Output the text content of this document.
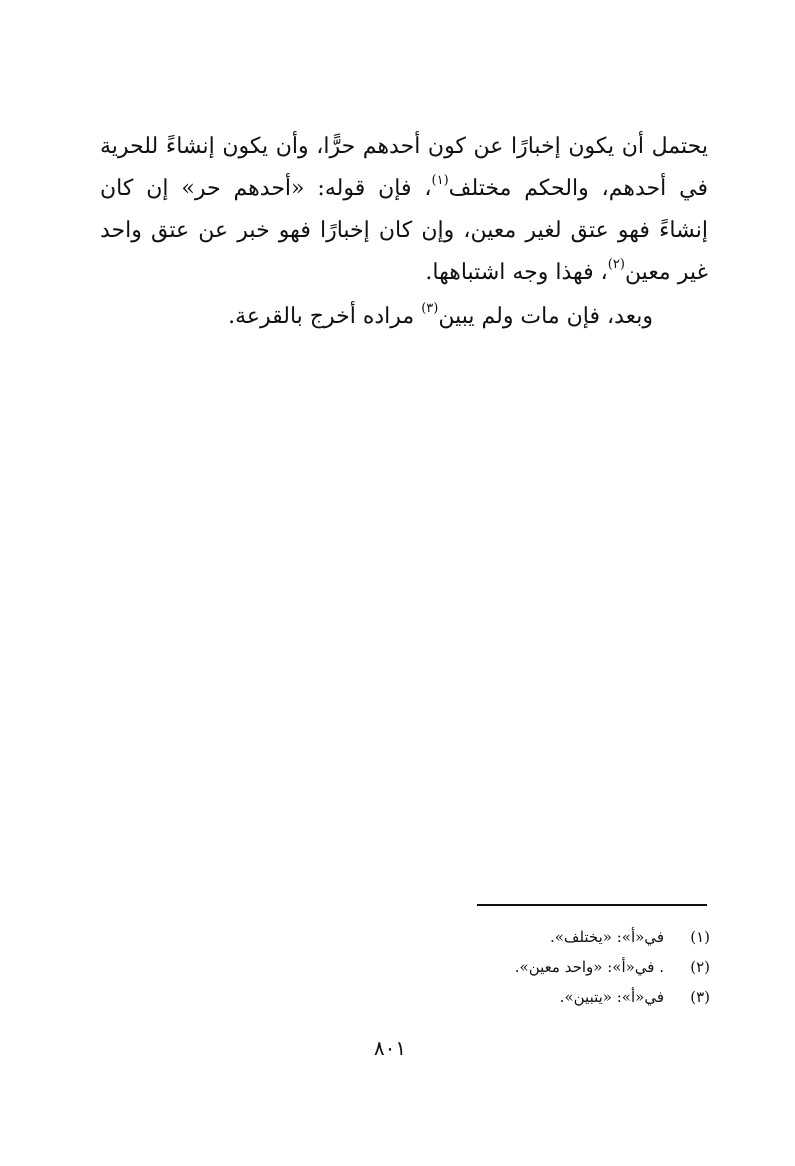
يحتمل أن يكون إخبارًا عن كون أحدهم حرًّا، وأن يكون إنشاءً للحرية في أحدهم، والحكم مختلف$^{(١)}$، فإن قوله: «أحدهم حر» إن كان إنشاءً فهو عتق لغير معين، وإن كان إخبارًا فهو خبر عن عتق واحد غير معين$^{(٢)}$، فهذا وجه اشتباهها.

وبعد، فإن مات ولم يبين$^{(٣)}$ مراده أخرج بالقرعة.

(١)
في«أ»: «يختلف».
(٢)
. في«أ»: «واحد معين».
(٣)
في«أ»: «يتبين».
٨٠١
